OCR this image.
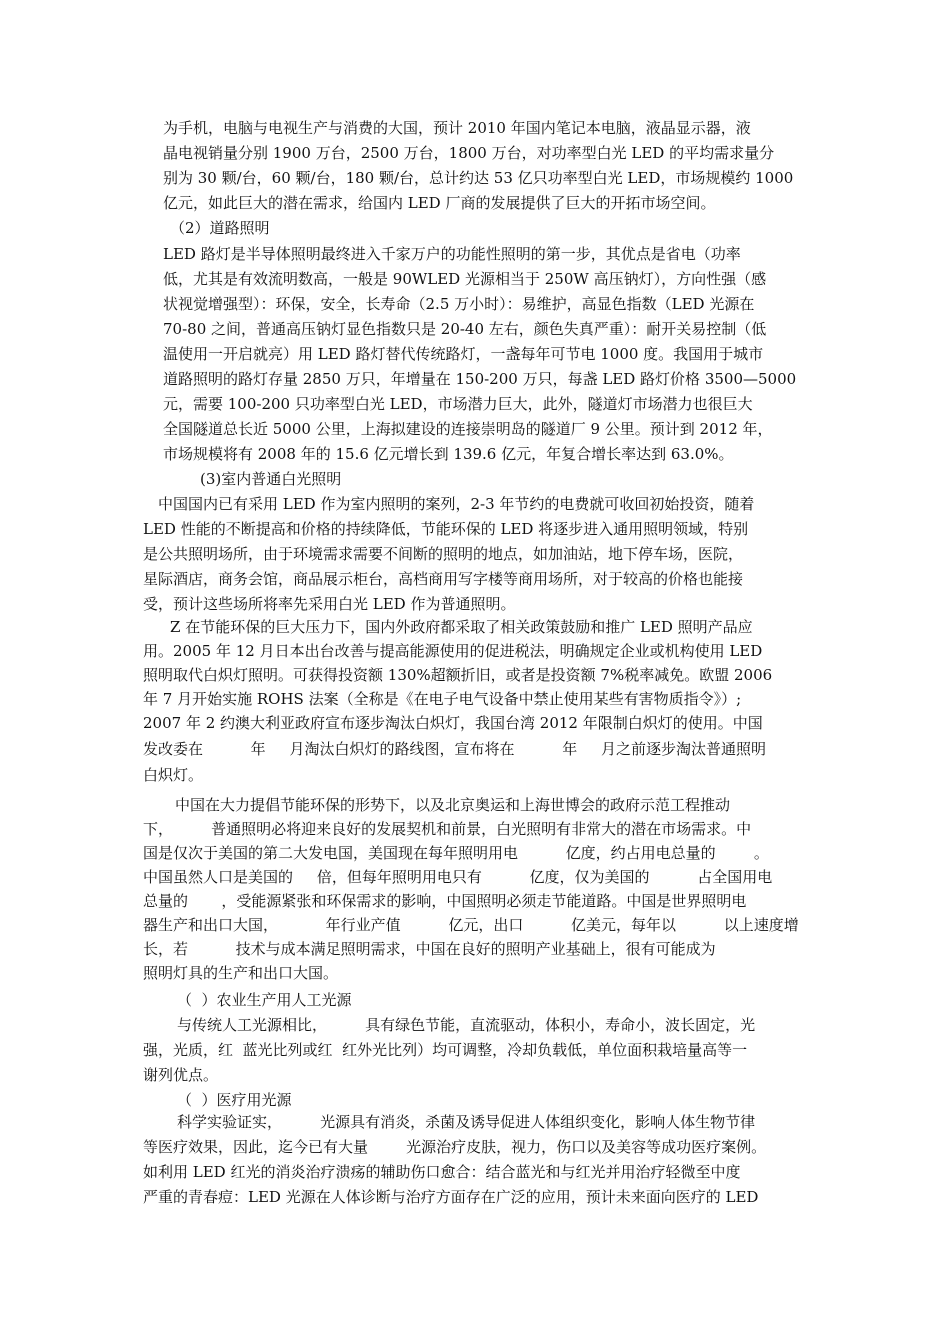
为手机，电脑与电视生产与消费的大国，预计 2010 年国内笔记本电脑，液晶显示器，液
晶电视销量分别 1900 万台，2500 万台，1800 万台，对功率型白光 LED 的平均需求量分
别为 30 颗/台，60 颗/台，180 颗/台，总计约达 53 亿只功率型白光 LED，市场规模约 1000
亿元，如此巨大的潜在需求，给国内 LED 厂商的发展提供了巨大的开拓市场空间。
（2）道路照明
LED 路灯是半导体照明最终进入千家万户的功能性照明的第一步，其优点是省电（功率
低，尤其是有效流明数高，一般是 90WLED 光源相当于 250W 高压钠灯），方向性强（感
状视觉增强型）：环保，安全，长寿命（2.5 万小时）：易维护，高显色指数（LED 光源在
70-80 之间，普通高压钠灯显色指数只是 20-40 左右，颜色失真严重）：耐开关易控制（低
温使用一开启就亮）用 LED 路灯替代传统路灯，一盏每年可节电 1000 度。我国用于城市
道路照明的路灯存量 2850 万只，年增量在 150-200 万只，每盏 LED 路灯价格 3500—5000
元，需要 100-200 只功率型白光 LED，市场潜力巨大，此外，隧道灯市场潜力也很巨大
全国隧道总长近 5000 公里，上海拟建设的连接崇明岛的隧道厂 9 公里。预计到 2012 年，
市场规模将有 2008 年的 15.6 亿元增长到 139.6 亿元，年复合增长率达到 63.0%。
(3)室内普通白光照明
中国国内已有采用 LED 作为室内照明的案列，2-3 年节约的电费就可收回初始投资，随着
LED 性能的不断提高和价格的持续降低，节能环保的 LED 将逐步进入通用照明领域，特别
是公共照明场所，由于环境需求需要不间断的照明的地点，如加油站，地下停车场，医院，
星际酒店，商务会馆，商品展示柜台，高档商用写字楼等商用场所，对于较高的价格也能接
受，预计这些场所将率先采用白光 LED 作为普通照明。
Z 在节能环保的巨大压力下，国内外政府都采取了相关政策鼓励和推广 LED 照明产品应
用。2005 年 12 月日本出台改善与提高能源使用的促进税法，明确规定企业或机构使用 LED
照明取代白炽灯照明。可获得投资额 130%超额折旧，或者是投资额 7%税率减免。欧盟 2006
年 7 月开始实施 ROHS 法案（全称是《在电子电气设备中禁止使用某些有害物质指令》）;
2007 年 2 约澳大利亚政府宣布逐步淘汰白炽灯，我国台湾 2012 年限制白炽灯的使用。中国
发改委在          年     月淘汰白炽灯的路线图，宣布将在          年     月之前逐步淘汰普通照明
白炽灯。
中国在大力提倡节能环保的形势下，以及北京奥运和上海世博会的政府示范工程推动
下，        普通照明必将迎来良好的发展契机和前景，白光照明有非常大的潜在市场需求。中
国是仅次于美国的第二大发电国，美国现在每年照明用电          亿度，约占用电总量的        。
中国虽然人口是美国的     倍，但每年照明用电只有          亿度，仅为美国的          占全国用电
总量的       ，受能源紧张和环保需求的影响，中国照明必须走节能道路。中国是世界照明电
器生产和出口大国，          年行业产值          亿元，出口          亿美元，每年以          以上速度增
长，若          技术与成本满足照明需求，中国在良好的照明产业基础上，很有可能成为
照明灯具的生产和出口大国。
（  ）农业生产用人工光源
与传统人工光源相比，        具有绿色节能，直流驱动，体积小，寿命小，波长固定，光
强，光质，红  蓝光比列或红  红外光比列）均可调整，冷却负载低，单位面积栽培量高等一
谢列优点。
（  ）医疗用光源
科学实验证实，        光源具有消炎，杀菌及诱导促进人体组织变化，影响人体生物节律
等医疗效果，因此，迄今已有大量        光源治疗皮肤，视力，伤口以及美容等成功医疗案例。
如利用 LED 红光的消炎治疗溃疡的辅助伤口愈合：结合蓝光和与红光并用治疗轻微至中度
严重的青春痘：LED 光源在人体诊断与治疗方面存在广泛的应用，预计未来面向医疗的 LED
